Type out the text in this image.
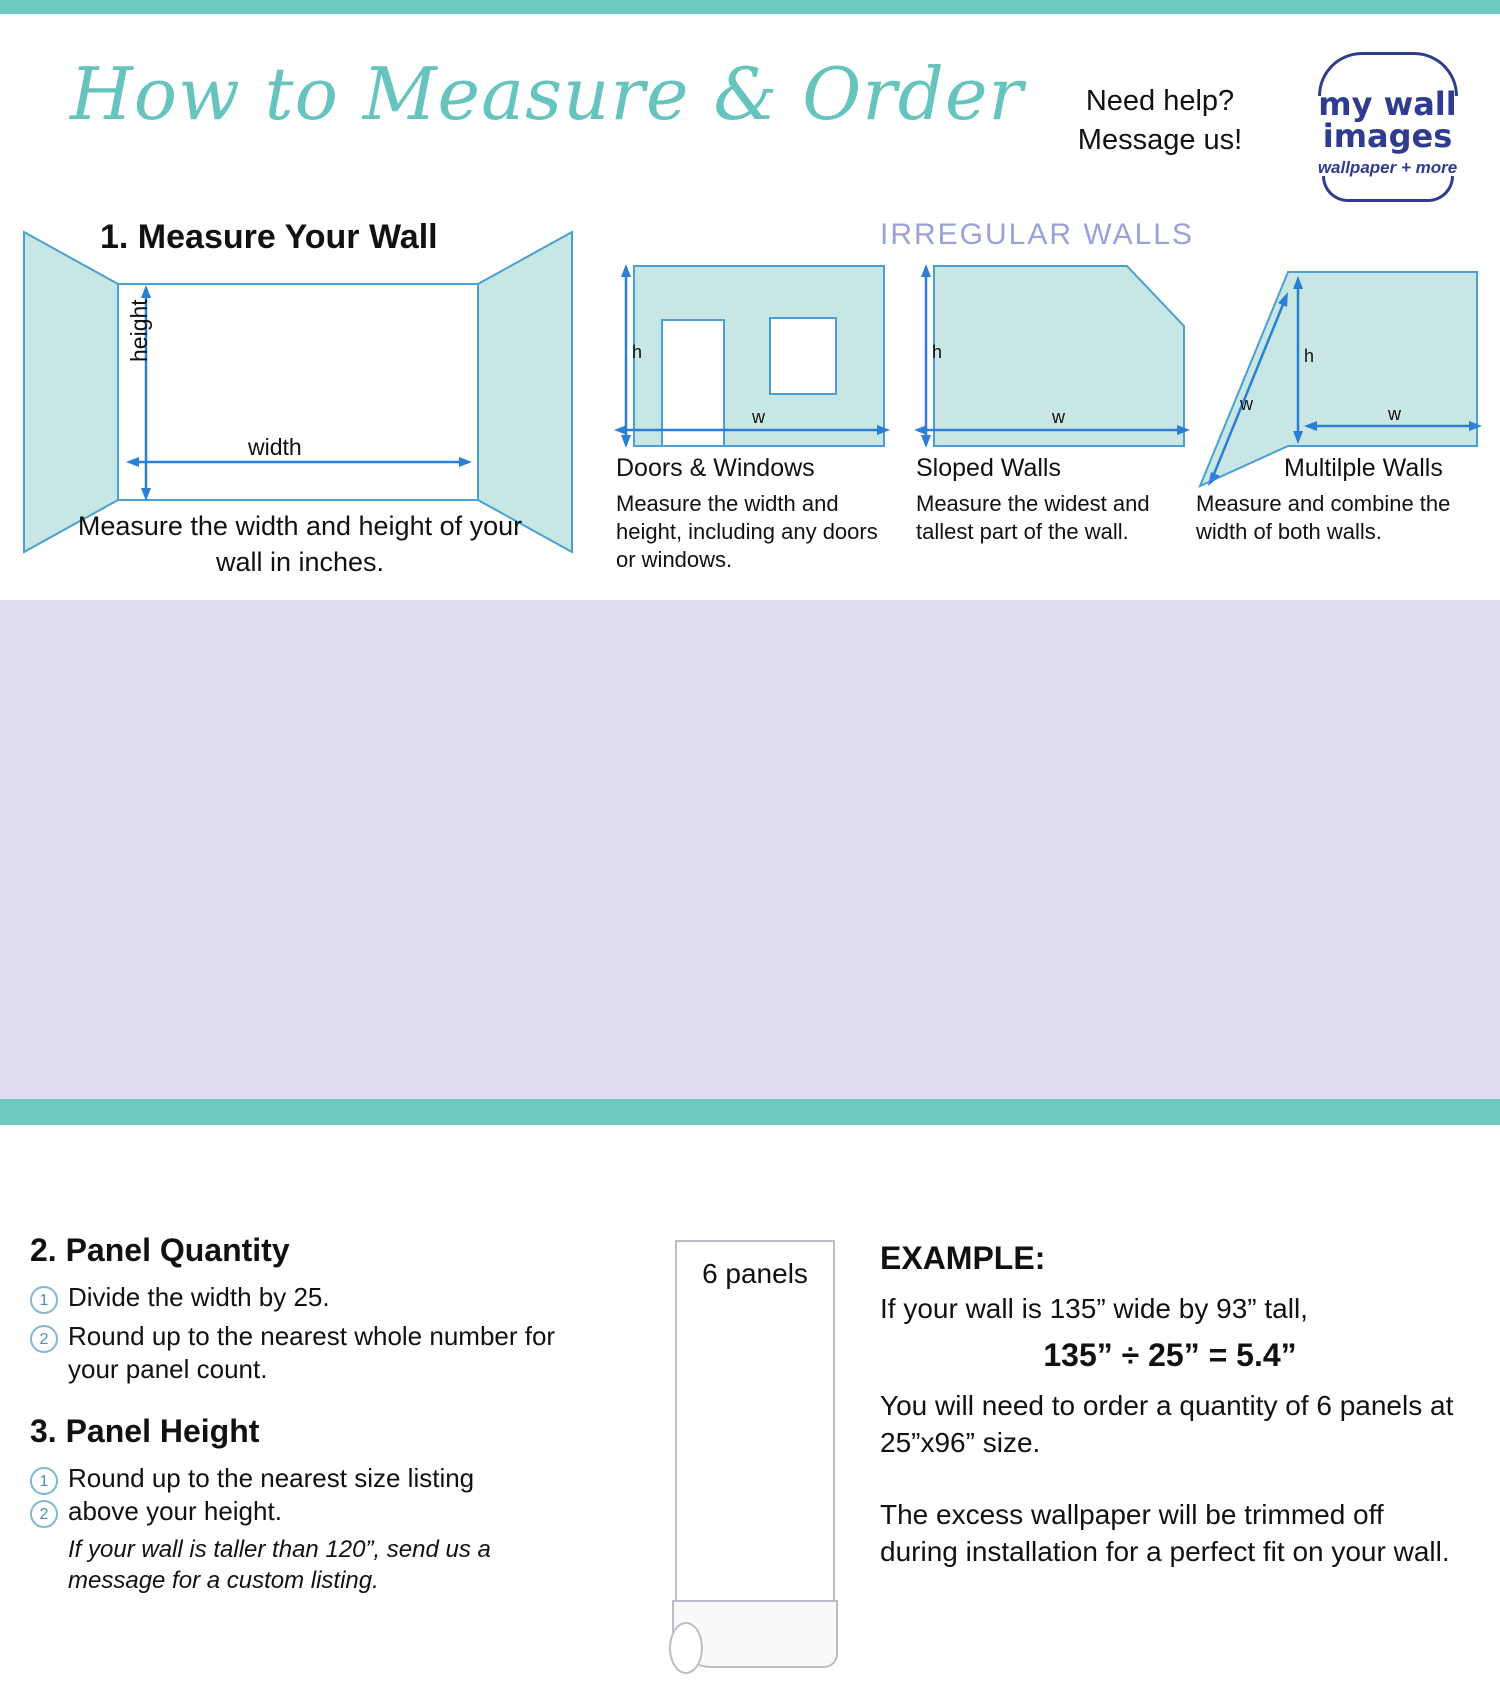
How to Measure & Order	Need help?
Message us!
my wall
images
wallpaper + more
1. Measure Your Wall	IRREGULAR WALLS
height
width
Measure the width and height of your wall in inches.
h
w
Doors & Windows
Measure the width and height, including any doors or windows.
h
w
Sloped Walls
Measure the widest and tallest part of the wall.
h
w
w
Multilple Walls
Measure and combine the width of both walls.
2. Panel Quantity
1 Divide the width by 25.
2 Round up to the nearest whole number for your panel count.
3. Panel Height
1 Round up to the nearest size listing
2 above your height.
If your wall is taller than 120”, send us a message for a custom listing.
6 panels	EXAMPLE:
If your wall is 135” wide by 93” tall,
135” ÷ 25” = 5.4”
You will need to order a quantity of 6 panels at 25”x96” size.
The excess wallpaper will be trimmed off during installation for a perfect fit on your wall.
